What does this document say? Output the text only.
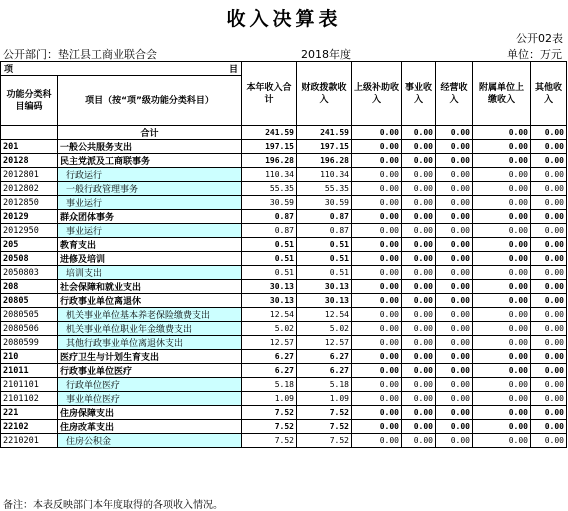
收入决算表
公开02表
公开部门：垫江县工商业联合会	2018年度	单位：万元
项 目		本年收入合计	财政拨款收入	上级补助收入	事业收入	经营收入	附属单位上缴收入	其他收入
功能分类科目编码	项目（按“项”级功能分类科目）							
	合计	241.59	241.59	0.00	0.00	0.00	0.00	0.00
201	一般公共服务支出	197.15	197.15	0.00	0.00	0.00	0.00	0.00
20128	民主党派及工商联事务	196.28	196.28	0.00	0.00	0.00	0.00	0.00
2012801	行政运行	110.34	110.34	0.00	0.00	0.00	0.00	0.00
2012802	一般行政管理事务	55.35	55.35	0.00	0.00	0.00	0.00	0.00
2012850	事业运行	30.59	30.59	0.00	0.00	0.00	0.00	0.00
20129	群众团体事务	0.87	0.87	0.00	0.00	0.00	0.00	0.00
2012950	事业运行	0.87	0.87	0.00	0.00	0.00	0.00	0.00
205	教育支出	0.51	0.51	0.00	0.00	0.00	0.00	0.00
20508	进修及培训	0.51	0.51	0.00	0.00	0.00	0.00	0.00
2050803	培训支出	0.51	0.51	0.00	0.00	0.00	0.00	0.00
208	社会保障和就业支出	30.13	30.13	0.00	0.00	0.00	0.00	0.00
20805	行政事业单位离退休	30.13	30.13	0.00	0.00	0.00	0.00	0.00
2080505	机关事业单位基本养老保险缴费支出	12.54	12.54	0.00	0.00	0.00	0.00	0.00
2080506	机关事业单位职业年金缴费支出	5.02	5.02	0.00	0.00	0.00	0.00	0.00
2080599	其他行政事业单位离退休支出	12.57	12.57	0.00	0.00	0.00	0.00	0.00
210	医疗卫生与计划生育支出	6.27	6.27	0.00	0.00	0.00	0.00	0.00
21011	行政事业单位医疗	6.27	6.27	0.00	0.00	0.00	0.00	0.00
2101101	行政单位医疗	5.18	5.18	0.00	0.00	0.00	0.00	0.00
2101102	事业单位医疗	1.09	1.09	0.00	0.00	0.00	0.00	0.00
221	住房保障支出	7.52	7.52	0.00	0.00	0.00	0.00	0.00
22102	住房改革支出	7.52	7.52	0.00	0.00	0.00	0.00	0.00
2210201	住房公积金	7.52	7.52	0.00	0.00	0.00	0.00	0.00
备注：本表反映部门本年度取得的各项收入情况。
